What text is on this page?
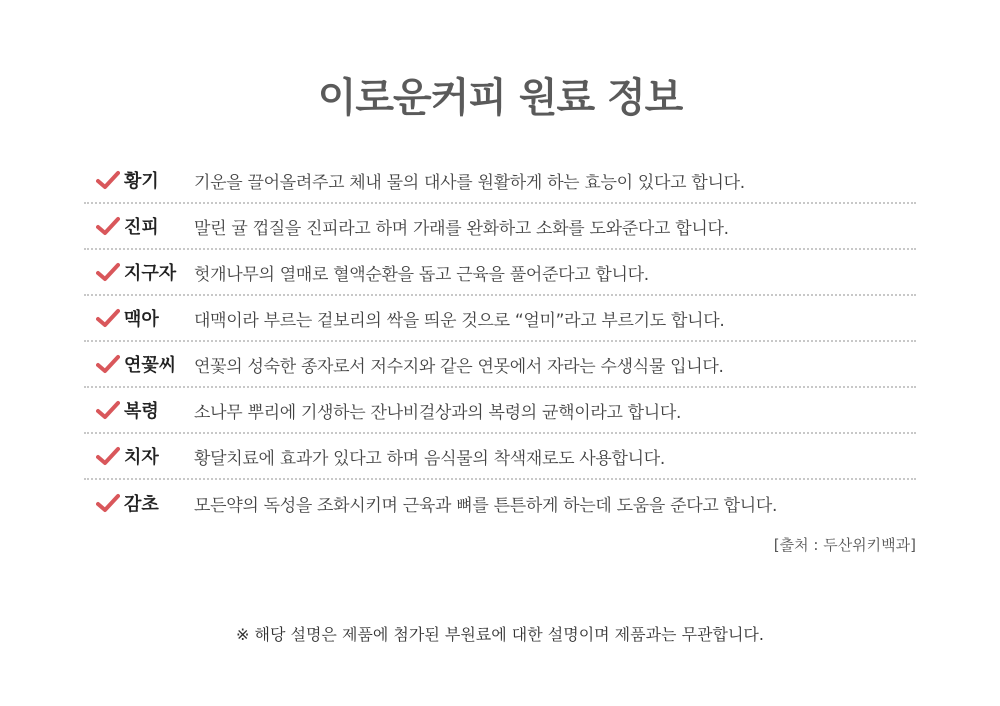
이로운커피 원료 정보
황기	기운을 끌어올려주고 체내 물의 대사를 원활하게 하는 효능이 있다고 합니다.
진피	말린 귤 껍질을 진피라고 하며 가래를 완화하고 소화를 도와준다고 합니다.
지구자	헛개나무의 열매로 혈액순환을 돕고 근육을 풀어준다고 합니다.
맥아	대맥이라 부르는 겉보리의 싹을 띄운 것으로 “얼미”라고 부르기도 합니다.
연꽃씨	연꽃의 성숙한 종자로서 저수지와 같은 연못에서 자라는 수생식물 입니다.
복령	소나무 뿌리에 기생하는 잔나비걸상과의 복령의 균핵이라고 합니다.
치자	황달치료에 효과가 있다고 하며 음식물의 착색재로도 사용합니다.
감초	모든약의 독성을 조화시키며 근육과 뼈를 튼튼하게 하는데 도움을 준다고 합니다.
[출처 : 두산위키백과]
※ 해당 설명은 제품에 첨가된 부원료에 대한 설명이며 제품과는 무관합니다.
